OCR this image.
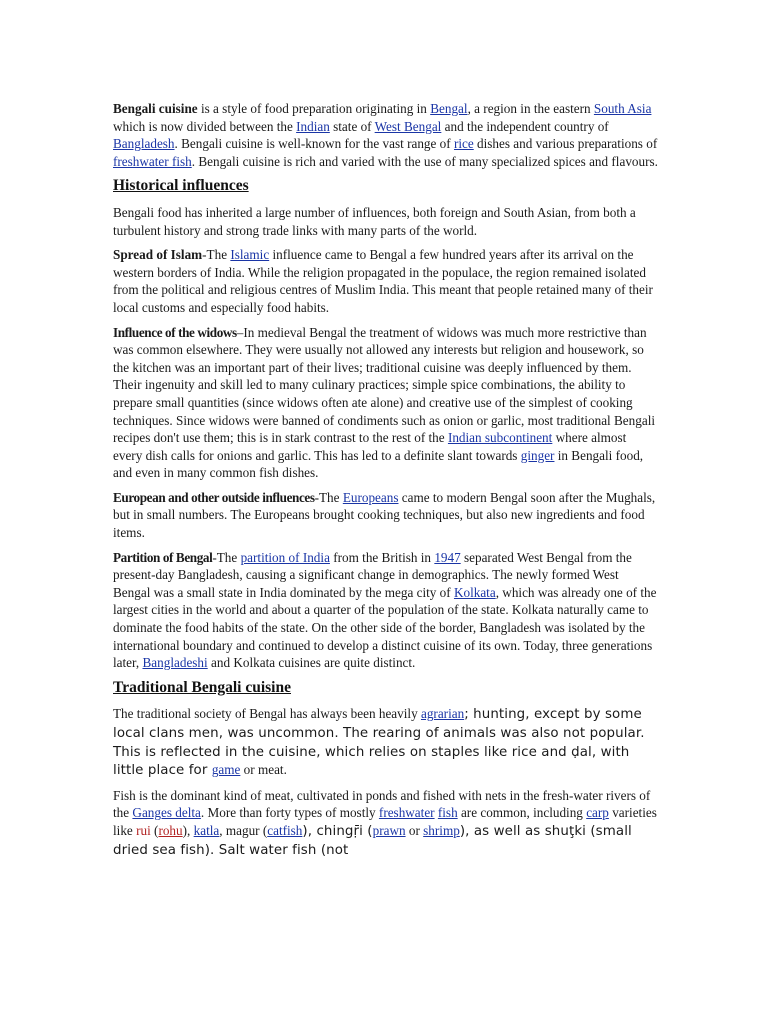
Bengali cuisine is a style of food preparation originating in Bengal, a region in the eastern South Asia which is now divided between the Indian state of West Bengal and the independent country of Bangladesh. Bengali cuisine is well-known for the vast range of rice dishes and various preparations of freshwater fish. Bengali cuisine is rich and varied with the use of many specialized spices and flavours.

Historical influences

Bengali food has inherited a large number of influences, both foreign and South Asian, from both a turbulent history and strong trade links with many parts of the world.

Spread of Islam-The Islamic influence came to Bengal a few hundred years after its arrival on the western borders of India. While the religion propagated in the populace, the region remained isolated from the political and religious centres of Muslim India. This meant that people retained many of their local customs and especially food habits.

Influence of the widows–In medieval Bengal the treatment of widows was much more restrictive than was common elsewhere. They were usually not allowed any interests but religion and housework, so the kitchen was an important part of their lives; traditional cuisine was deeply influenced by them. Their ingenuity and skill led to many culinary practices; simple spice combinations, the ability to prepare small quantities (since widows often ate alone) and creative use of the simplest of cooking techniques. Since widows were banned of condiments such as onion or garlic, most traditional Bengali recipes don't use them; this is in stark contrast to the rest of the Indian subcontinent where almost every dish calls for onions and garlic. This has led to a definite slant towards ginger in Bengali food, and even in many common fish dishes.

European and other outside influences-The Europeans came to modern Bengal soon after the Mughals, but in small numbers. The Europeans brought cooking techniques, but also new ingredients and food items.

Partition of Bengal-The partition of India from the British in 1947 separated West Bengal from the present-day Bangladesh, causing a significant change in demographics. The newly formed West Bengal was a small state in India dominated by the mega city of Kolkata, which was already one of the largest cities in the world and about a quarter of the population of the state. Kolkata naturally came to dominate the food habits of the state. On the other side of the border, Bangladesh was isolated by the international boundary and continued to develop a distinct cuisine of its own. Today, three generations later, Bangladeshi and Kolkata cuisines are quite distinct.

Traditional Bengali cuisine

The traditional society of Bengal has always been heavily agrarian; hunting, except by some local clans men, was uncommon. The rearing of animals was also not popular. This is reflected in the cuisine, which relies on staples like rice and ḍal, with little place for game or meat.

Fish is the dominant kind of meat, cultivated in ponds and fished with nets in the fresh-water rivers of the Ganges delta. More than forty types of mostly freshwater fish are common, including carp varieties like rui (rohu), katla, magur (catfish), chingṝi (prawn or shrimp), as well as shuţki (small dried sea fish). Salt water fish (not
